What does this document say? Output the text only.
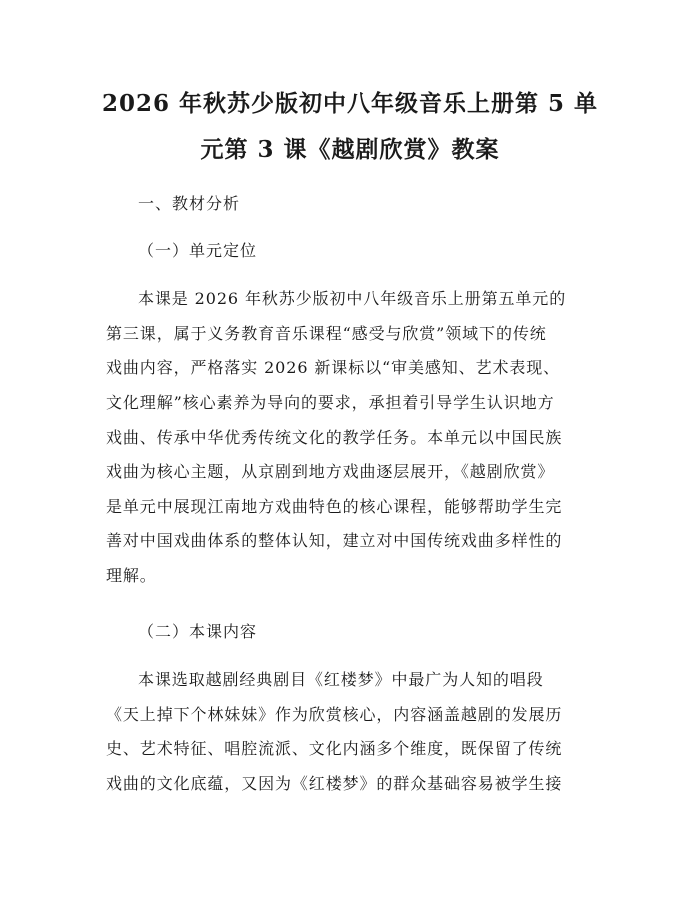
2026 年秋苏少版初中八年级音乐上册第 5 单
元第 3 课《越剧欣赏》教案
一、教材分析
（一）单元定位
本课是 2026 年秋苏少版初中八年级音乐上册第五单元的
第三课，属于义务教育音乐课程“感受与欣赏”领域下的传统
戏曲内容，严格落实 2026 新课标以“审美感知、艺术表现、
文化理解”核心素养为导向的要求，承担着引导学生认识地方
戏曲、传承中华优秀传统文化的教学任务。本单元以中国民族
戏曲为核心主题，从京剧到地方戏曲逐层展开，《越剧欣赏》
是单元中展现江南地方戏曲特色的核心课程，能够帮助学生完
善对中国戏曲体系的整体认知，建立对中国传统戏曲多样性的
理解。
（二）本课内容
本课选取越剧经典剧目《红楼梦》中最广为人知的唱段
《天上掉下个林妹妹》作为欣赏核心，内容涵盖越剧的发展历
史、艺术特征、唱腔流派、文化内涵多个维度，既保留了传统
戏曲的文化底蕴，又因为《红楼梦》的群众基础容易被学生接
